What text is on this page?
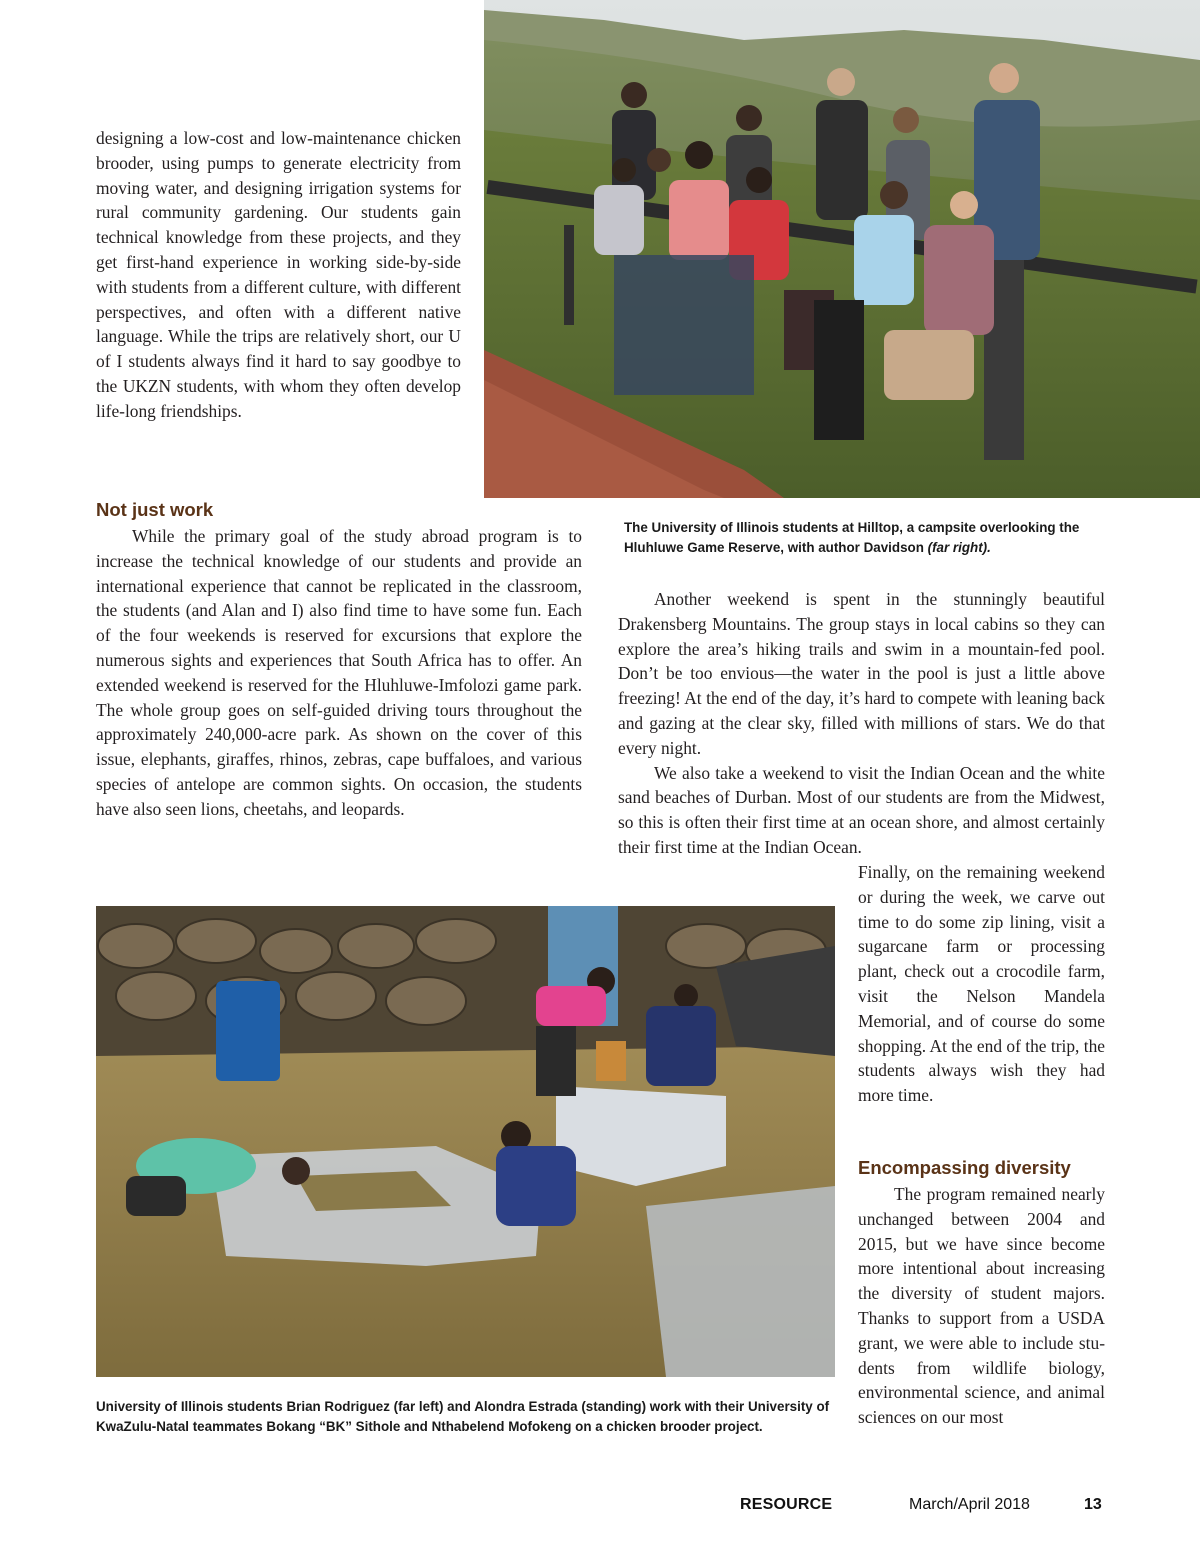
designing a low-cost and low-maintenance chicken brooder, using pumps to generate electricity from moving water, and designing irrigation systems for rural community gardening. Our students gain technical knowledge from these projects, and they get first-hand experience in working side-by-side with students from a different culture, with different perspectives, and often with a different native language. While the trips are relatively short, our U of I students always find it hard to say goodbye to the UKZN students, with whom they often develop life-long friendships.

Not just work

While the primary goal of the study abroad program is to increase the technical knowledge of our students and provide an international experience that cannot be replicated in the classroom, the students (and Alan and I) also find time to have some fun. Each of the four weekends is reserved for excursions that explore the numerous sights and experiences that South Africa has to offer. An extended weekend is reserved for the Hluhluwe-Imfolozi game park. The whole group goes on self-guided driving tours throughout the approximately 240,000-acre park. As shown on the cover of this issue, elephants, giraffes, rhinos, zebras, cape buffaloes, and various species of antelope are common sights. On occasion, the students have also seen lions, cheetahs, and leopards.

The University of Illinois students at Hilltop, a campsite overlooking the Hluhluwe Game Reserve, with author Davidson (far right).

Another weekend is spent in the stunningly beautiful Drakensberg Mountains. The group stays in local cabins so they can explore the area’s hiking trails and swim in a mountain-fed pool. Don’t be too envious—the water in the pool is just a little above freezing! At the end of the day, it’s hard to compete with leaning back and gazing at the clear sky, filled with millions of stars. We do that every night.

We also take a weekend to visit the Indian Ocean and the white sand beaches of Durban. Most of our students are from the Midwest, so this is often their first time at an ocean shore, and almost certainly their first time at the Indian Ocean.

Finally, on the remaining weekend or during the week, we carve out time to do some zip lining, visit a sugarcane farm or processing plant, check out a crocodile farm, visit the Nelson Mandela Memorial, and of course do some shopping. At the end of the trip, the students always wish they had more time.

Encompassing diversity

The program remained nearly unchanged between 2004 and 2015, but we have since become more intentional about increasing the diversity of student majors. Thanks to support from a USDA grant, we were able to include students from wildlife biology, environmental science, and animal sciences on our most

University of Illinois students Brian Rodriguez (far left) and Alondra Estrada (standing) work with their University of KwaZulu-Natal teammates Bokang “BK” Sithole and Nthabelend Mofokeng on a chicken brooder project.
RESOURCE	March/April 2018	13
